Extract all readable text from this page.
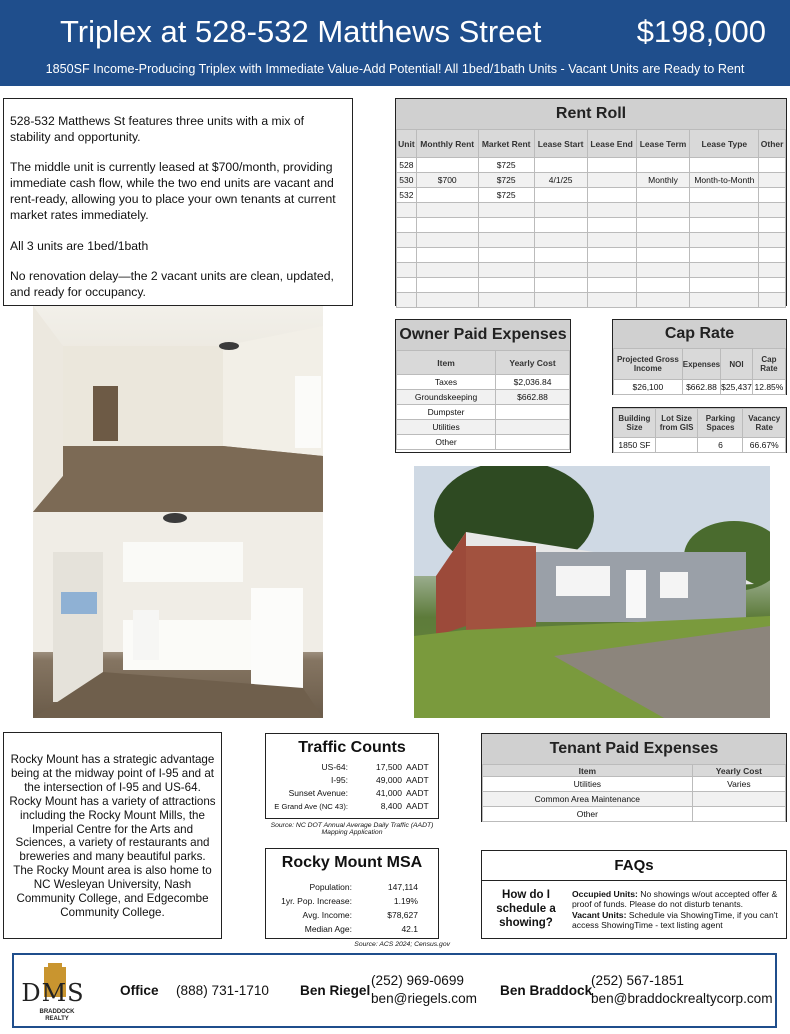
Triplex at 528-532 Matthews Street	$198,000
1850SF Income-Producing Triplex with Immediate Value-Add Potential! All 1bed/1bath Units - Vacant Units are Ready to Rent

528-532 Matthews St features three units with a mix of stability and opportunity.

The middle unit is currently leased at $700/month, providing immediate cash flow, while the two end units are vacant and rent-ready, allowing you to place your own tenants at current market rates immediately.

All 3 units are 1bed/1bath

No renovation delay—the 2 vacant units are clean, updated, and ready for occupancy.

Rent Roll
Unit	Monthly Rent	Market Rent	Lease Start	Lease End	Lease Term	Lease Type	Other
528		$725					
530	$700	$725	4/1/25		Monthly	Month-to-Month	
532		$725					

Owner Paid Expenses
Item	Yearly Cost
Taxes	$2,036.84
Groundskeeping	$662.88
Dumpster	
Utilities	
Other	
Cap Rate
Projected Gross Income	Expenses	NOI	Cap Rate
$26,100	$662.88	$25,437	12.85%
Building Size	Lot Size from GIS	Parking Spaces	Vacancy Rate
1850 SF		6	66.67%
Rocky Mount has a strategic advantage being at the midway point of I-95 and at the intersection of I-95 and US-64. Rocky Mount has a variety of attractions including the Rocky Mount Mills, the Imperial Centre for the Arts and Sciences, a variety of restaurants and breweries and many beautiful parks. The Rocky Mount area is also home to NC Wesleyan University, Nash Community College, and Edgecombe Community College.
Traffic Counts
US-64:	17,500 AADT
I-95:	49,000 AADT
Sunset Avenue:	41,000 AADT
E Grand Ave (NC 43):	8,400 AADT
Source: NC DOT Annual Average Daily Traffic (AADT) Mapping Application
Rocky Mount MSA
Population:	147,114
1yr. Pop. Increase:	1.19%
Avg. Income:	$78,627
Median Age:	42.1
Source: ACS 2024; Census.gov
Tenant Paid Expenses
Item	Yearly Cost
Utilities	Varies
Common Area Maintenance	
Other	
FAQs
How do I schedule a showing?
Occupied Units: No showings w/out accepted offer & proof of funds. Please do not disturb tenants.
Vacant Units: Schedule via ShowingTime, if you can't access ShowingTime - text listing agent
DMS
BRADDOCK REALTY
Office (888) 731-1710 Ben Riegel
(252) 969-0699
ben@riegels.com
Ben Braddock
(252) 567-1851
ben@braddockrealtycorp.com
